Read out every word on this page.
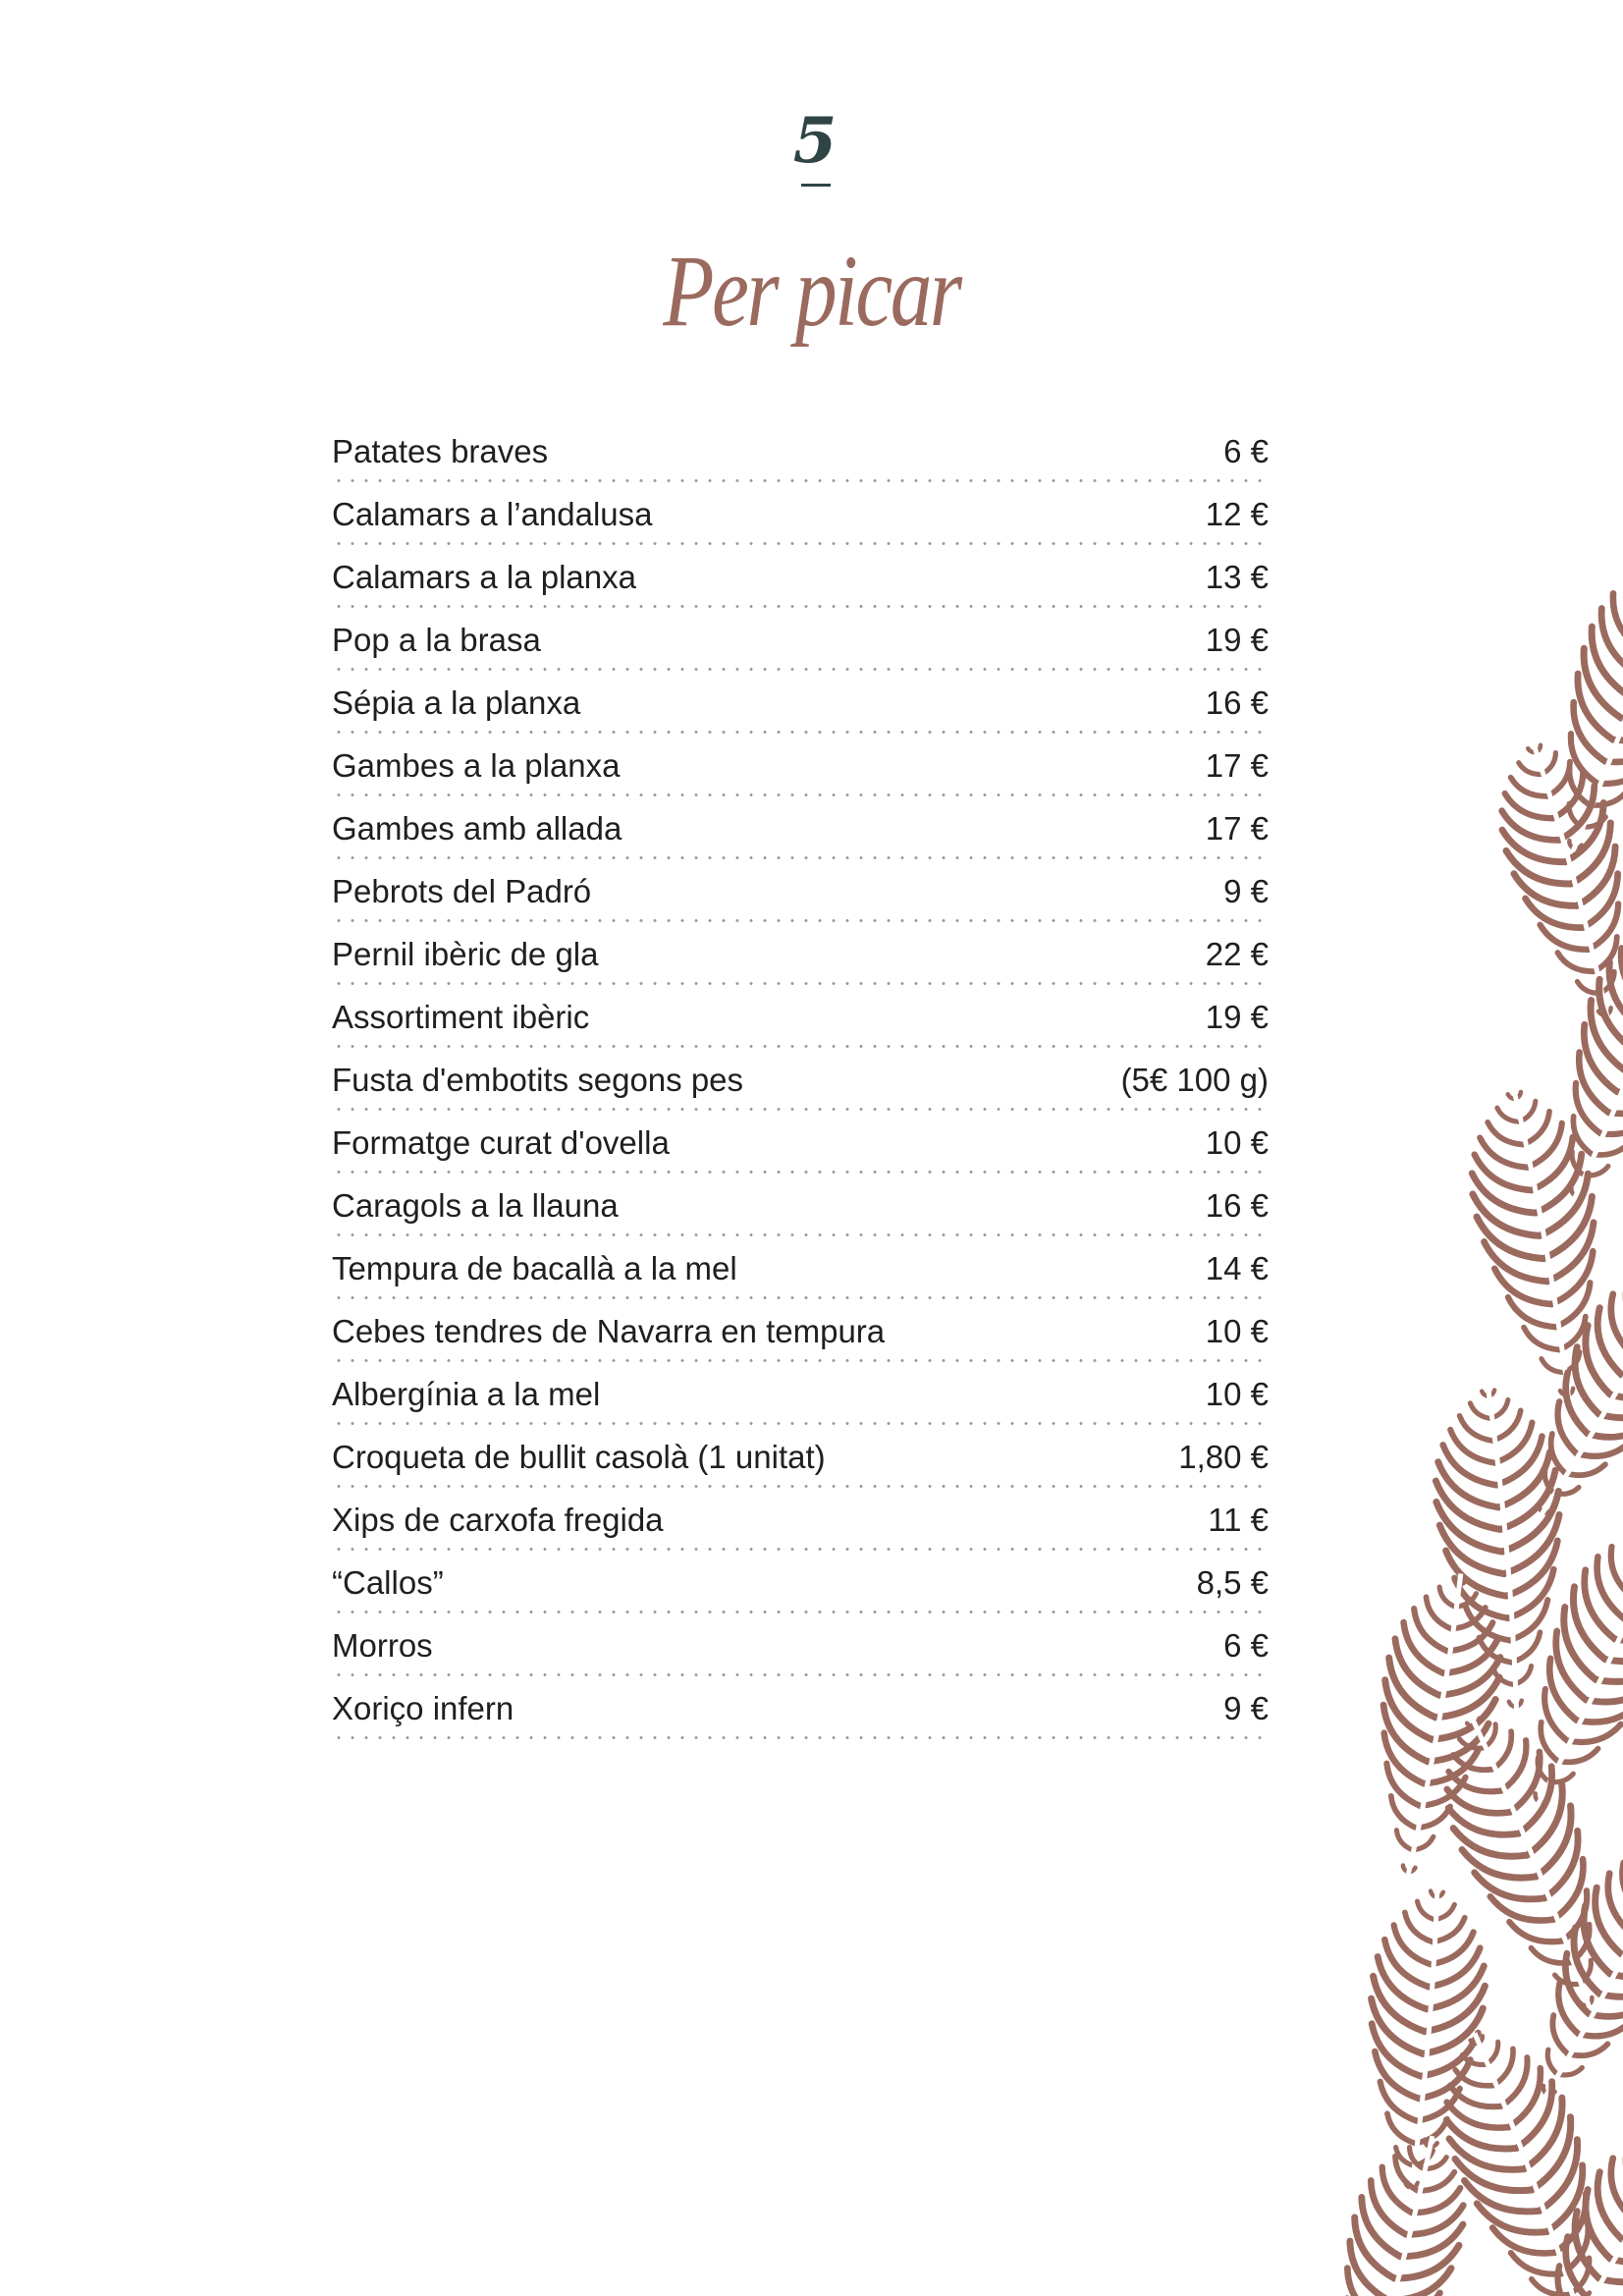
5
Per picar
Patates braves	6 €
Calamars a l’andalusa	12 €
Calamars a la planxa	13 €
Pop a la brasa	19 €
Sépia a la planxa	16 €
Gambes a la planxa	17 €
Gambes amb allada	17 €
Pebrots del Padró	9 €
Pernil ibèric de gla	22 €
Assortiment ibèric	19 €
Fusta d'embotits segons pes	(5€ 100 g)
Formatge curat d'ovella	10 €
Caragols a la llauna	16 €
Tempura de bacallà a la mel	14 €
Cebes tendres de Navarra en tempura	10 €
Albergínia a la mel	10 €
Croqueta de bullit casolà (1 unitat)	1,80 €
Xips de carxofa fregida	11 €
“Callos”	8,5 €
Morros	6 €
Xoriço infern	9 €
